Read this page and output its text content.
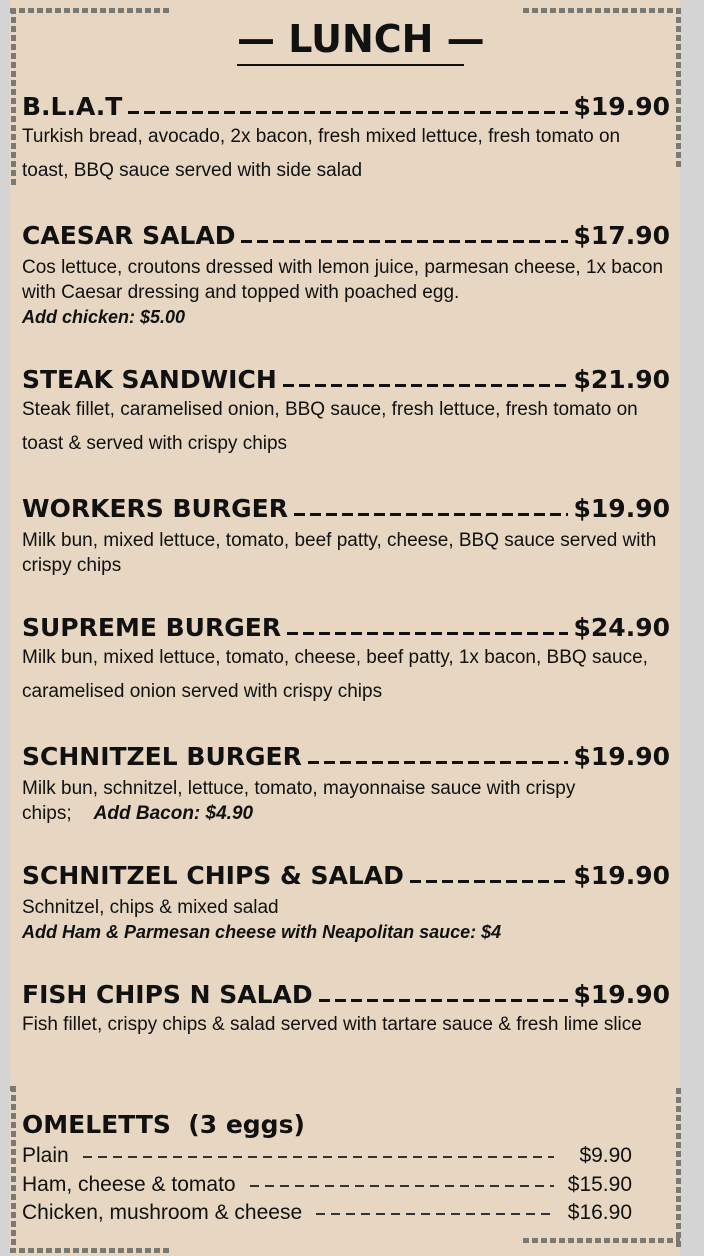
— LUNCH —
B.L.A.T	$19.90
Turkish bread, avocado, 2x bacon, fresh mixed lettuce, fresh tomato on toast, BBQ sauce served with side salad
CAESAR SALAD	$17.90
Cos lettuce, croutons dressed with lemon juice, parmesan cheese, 1x bacon with Caesar dressing and topped with poached egg.
Add chicken: $5.00
STEAK SANDWICH	$21.90
Steak fillet, caramelised onion, BBQ sauce, fresh lettuce, fresh tomato on toast & served with crispy chips
WORKERS BURGER	$19.90
Milk bun, mixed lettuce, tomato, beef patty, cheese, BBQ sauce served with crispy chips
SUPREME BURGER	$24.90
Milk bun, mixed lettuce, tomato, cheese, beef patty, 1x bacon, BBQ sauce, caramelised onion served with crispy chips
SCHNITZEL BURGER	$19.90
Milk bun, schnitzel, lettuce, tomato, mayonnaise sauce with crispy chips; Add Bacon: $4.90
SCHNITZEL CHIPS & SALAD	$19.90
Schnitzel, chips & mixed salad
Add Ham & Parmesan cheese with Neapolitan sauce: $4
FISH CHIPS N SALAD	$19.90
Fish fillet, crispy chips & salad served with tartare sauce & fresh lime slice
OMELETTS  (3 eggs)
Plain	$9.90
Ham, cheese & tomato	$15.90
Chicken, mushroom & cheese	$16.90
